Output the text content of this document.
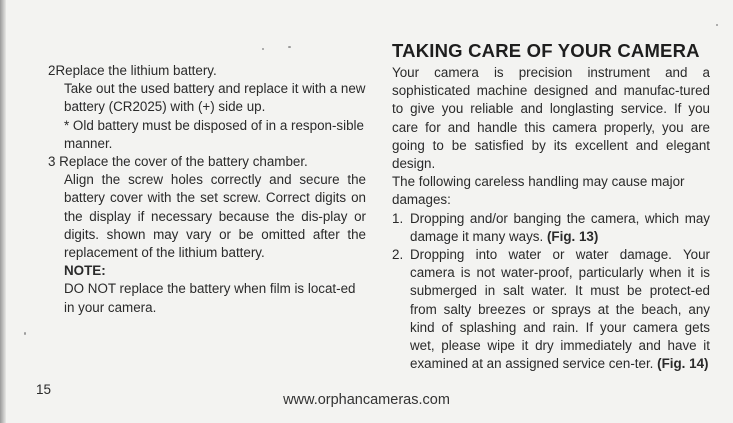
2Replace the lithium battery.

Take out the used battery and replace it with a new battery (CR2025) with (+) side up.

* Old battery must be disposed of in a respon-sible manner.

3 Replace the cover of the battery chamber.

Align the screw holes correctly and secure the battery cover with the set screw. Correct digits on the display if necessary because the dis-play or digits. shown may vary or be omitted after the replacement of the lithium battery.

NOTE:

DO NOT replace the battery when film is locat-ed in your camera.

TAKING CARE OF YOUR CAMERA

Your camera is precision instrument and a sophisticated machine designed and manufac-tured to give you reliable and longlasting service. If you care for and handle this camera properly, you are going to be satisfied by its excellent and elegant design.

The following careless handling may cause major damages:

1. Dropping and/or banging the camera, which may damage it many ways. (Fig. 13)
2. Dropping into water or water damage. Your camera is not water-proof, particularly when it is submerged in salt water. It must be protect-ed from salty breezes or sprays at the beach, any kind of splashing and rain. If your camera gets wet, please wipe it dry immediately and have it examined at an assigned service cen-ter. (Fig. 14)
15
www.orphancameras.com
